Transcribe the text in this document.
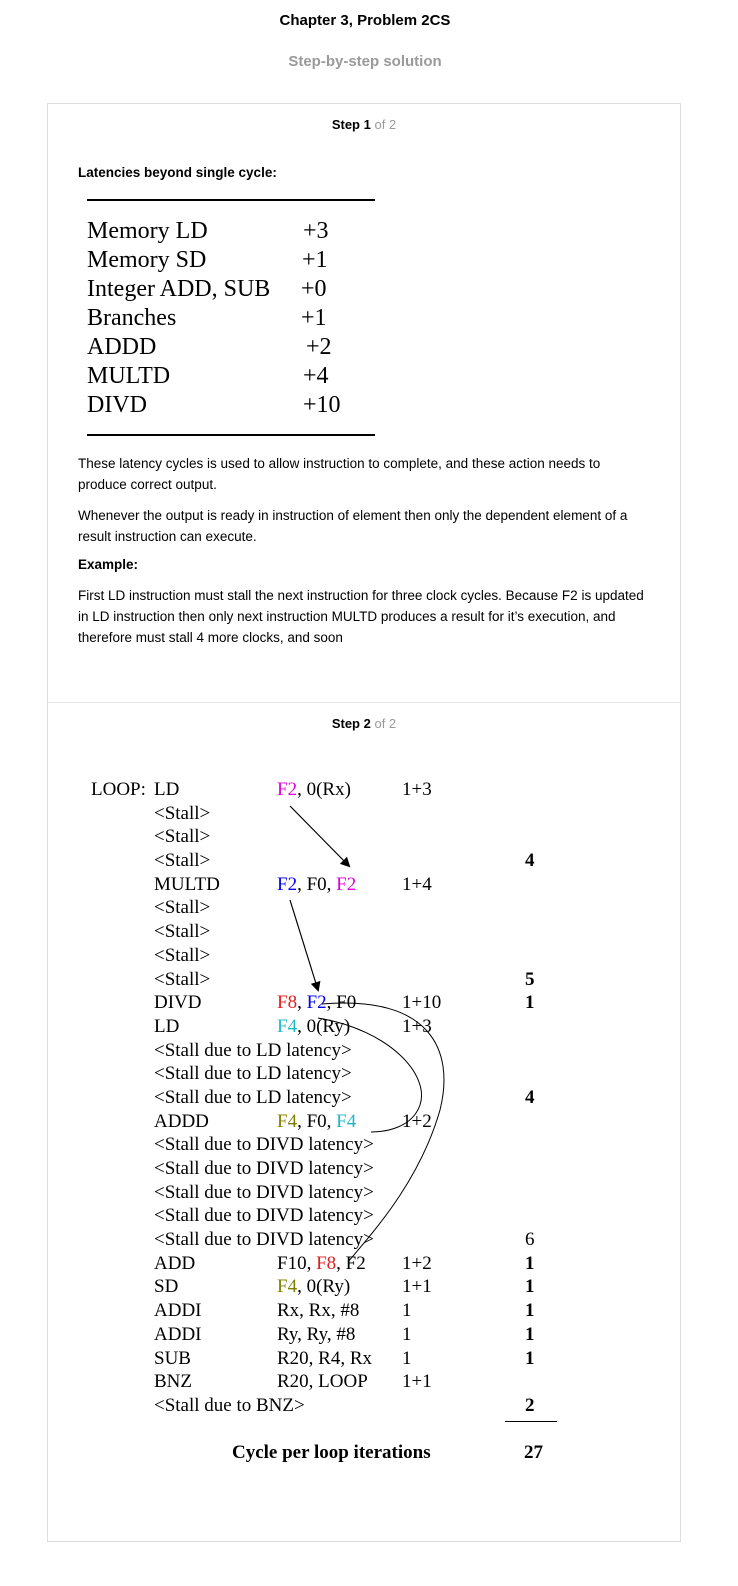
Chapter 3, Problem 2CS
Step-by-step solution
Step 1 of 2
Latencies beyond single cycle:
Memory LD	+3
Memory SD	+1
Integer ADD, SUB +0
Branches	+1
ADDD	+2
MULTD	+4
DIVD	+10
These latency cycles is used to allow instruction to complete, and these action needs to produce correct output.
Whenever the output is ready in instruction of element then only the dependent element of a result instruction can execute.
Example:
First LD instruction must stall the next instruction for three clock cycles. Because F2 is updated in LD instruction then only next instruction MULTD produces a result for it’s execution, and therefore must stall 4 more clocks, and soon
Step 2 of 2
LOOP: LD	F2, 0(Rx)	1+3
<Stall>
<Stall>
<Stall>	4
MULTD	F2, F0, F2 1+4
<Stall>
<Stall>
<Stall>
<Stall>	5
DIVD	F8, F2, F0 1+10	1
LD	F4, 0(Ry)	1+3
<Stall due to LD latency>
<Stall due to LD latency>
<Stall due to LD latency>	4
ADDD	F4, F0, F4 1+2
<Stall due to DIVD latency>
<Stall due to DIVD latency>
<Stall due to DIVD latency>
<Stall due to DIVD latency>
<Stall due to DIVD latency>	6
ADD	F10, F8, F2 1+2	1
SD	F4, 0(Ry)	1+1	1
ADDI	Rx, Rx, #8 1	1
ADDI	Ry, Ry, #8 1	1
SUB	R20, R4, Rx 1	1
BNZ	R20, LOOP 1+1
<Stall due to BNZ>	2
Cycle per loop iterations	27
